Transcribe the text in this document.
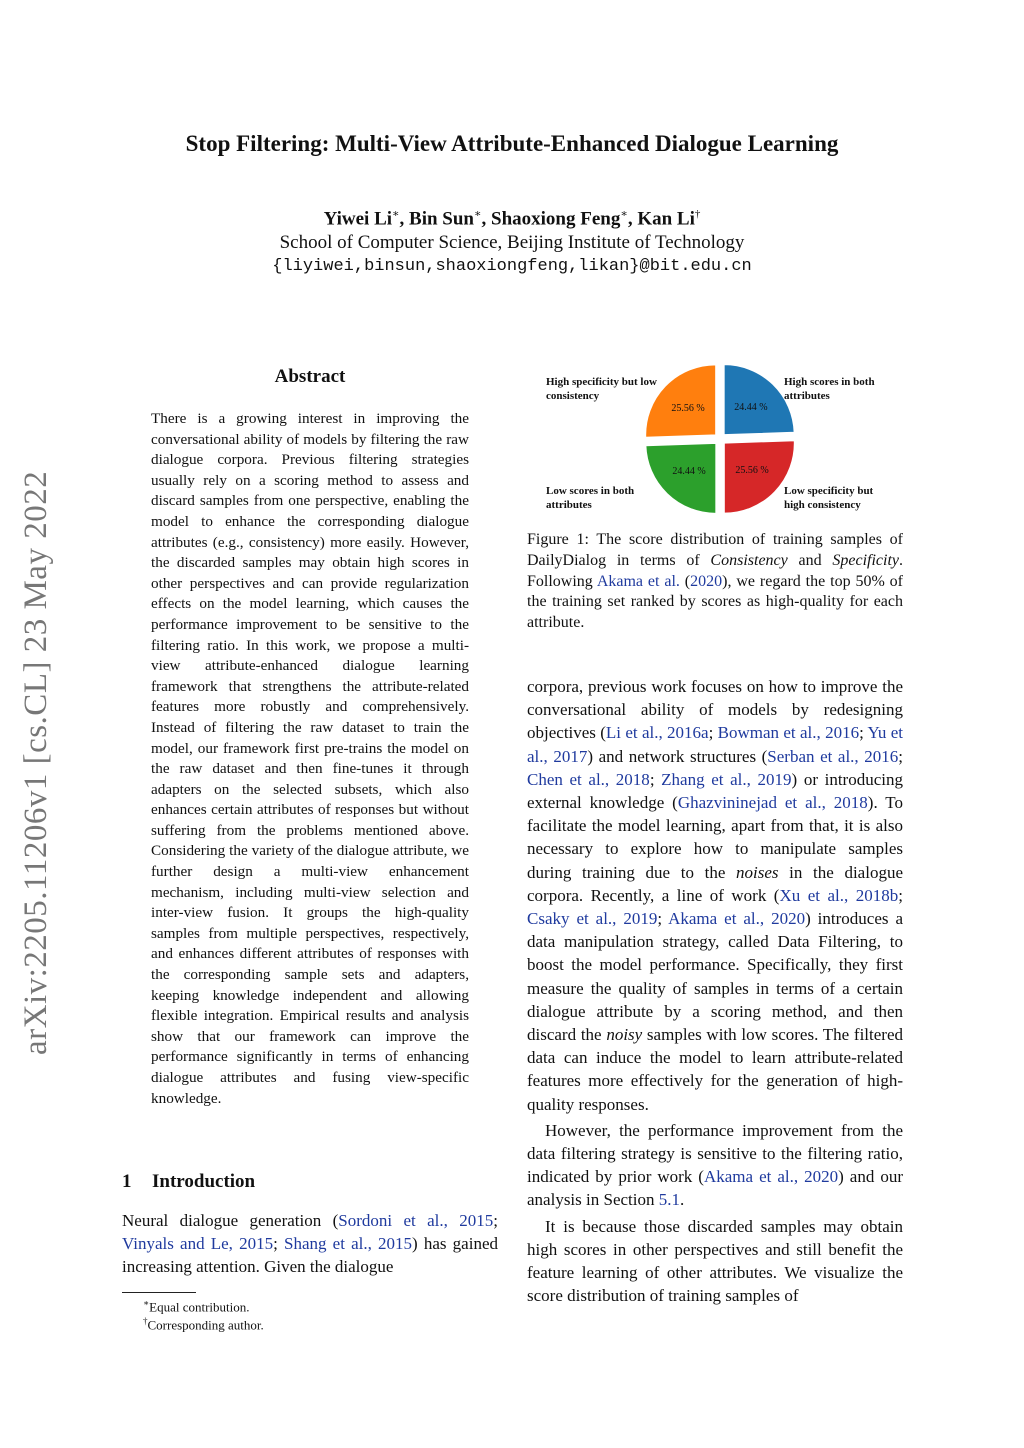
Stop Filtering: Multi-View Attribute-Enhanced Dialogue Learning
Yiwei Li∗, Bin Sun∗, Shaoxiong Feng∗, Kan Li†
School of Computer Science, Beijing Institute of Technology
{liyiwei,binsun,shaoxiongfeng,likan}@bit.edu.cn
arXiv:2205.11206v1 [cs.CL] 23 May 2022
Abstract
There is a growing interest in improving the conversational ability of models by filtering the raw dialogue corpora. Previous filtering strategies usually rely on a scoring method to assess and discard samples from one perspective, enabling the model to enhance the corresponding dialogue attributes (e.g., consistency) more easily. However, the discarded samples may obtain high scores in other perspectives and can provide regularization effects on the model learning, which causes the performance improvement to be sensitive to the filtering ratio. In this work, we propose a multi-view attribute-enhanced dialogue learning framework that strengthens the attribute-related features more robustly and comprehensively. Instead of filtering the raw dataset to train the model, our framework first pre-trains the model on the raw dataset and then fine-tunes it through adapters on the selected subsets, which also enhances certain attributes of responses but without suffering from the problems mentioned above. Considering the variety of the dialogue attribute, we further design a multi-view enhancement mechanism, including multi-view selection and inter-view fusion. It groups the high-quality samples from multiple perspectives, respectively, and enhances different attributes of responses with the corresponding sample sets and adapters, keeping knowledge independent and allowing flexible integration. Empirical results and analysis show that our framework can improve the performance significantly in terms of enhancing dialogue attributes and fusing view-specific knowledge.
1 Introduction
Neural dialogue generation (Sordoni et al., 2015; Vinyals and Le, 2015; Shang et al., 2015) has gained increasing attention. Given the dialogue
∗Equal contribution.
†Corresponding author.
24.44 %
High scores in both
attributes
25.56 %
Low specificity but
high consistency
24.44 %
Low scores in both
attributes
25.56 %
High specificity but low
consistency
Figure 1: The score distribution of training samples of DailyDialog in terms of Consistency and Specificity. Following Akama et al. (2020), we regard the top 50% of the training set ranked by scores as high-quality for each attribute.

corpora, previous work focuses on how to improve the conversational ability of models by redesigning objectives (Li et al., 2016a; Bowman et al., 2016; Yu et al., 2017) and network structures (Serban et al., 2016; Chen et al., 2018; Zhang et al., 2019) or introducing external knowledge (Ghazvininejad et al., 2018). To facilitate the model learning, apart from that, it is also necessary to explore how to manipulate samples during training due to the noises in the dialogue corpora. Recently, a line of work (Xu et al., 2018b; Csaky et al., 2019; Akama et al., 2020) introduces a data manipulation strategy, called Data Filtering, to boost the model performance. Specifically, they first measure the quality of samples in terms of a certain dialogue attribute by a scoring method, and then discard the noisy samples with low scores. The filtered data can induce the model to learn attribute-related features more effectively for the generation of high-quality responses.

However, the performance improvement from the data filtering strategy is sensitive to the filtering ratio, indicated by prior work (Akama et al., 2020) and our analysis in Section 5.1.

It is because those discarded samples may obtain high scores in other perspectives and still benefit the feature learning of other attributes. We visualize the score distribution of training samples of
